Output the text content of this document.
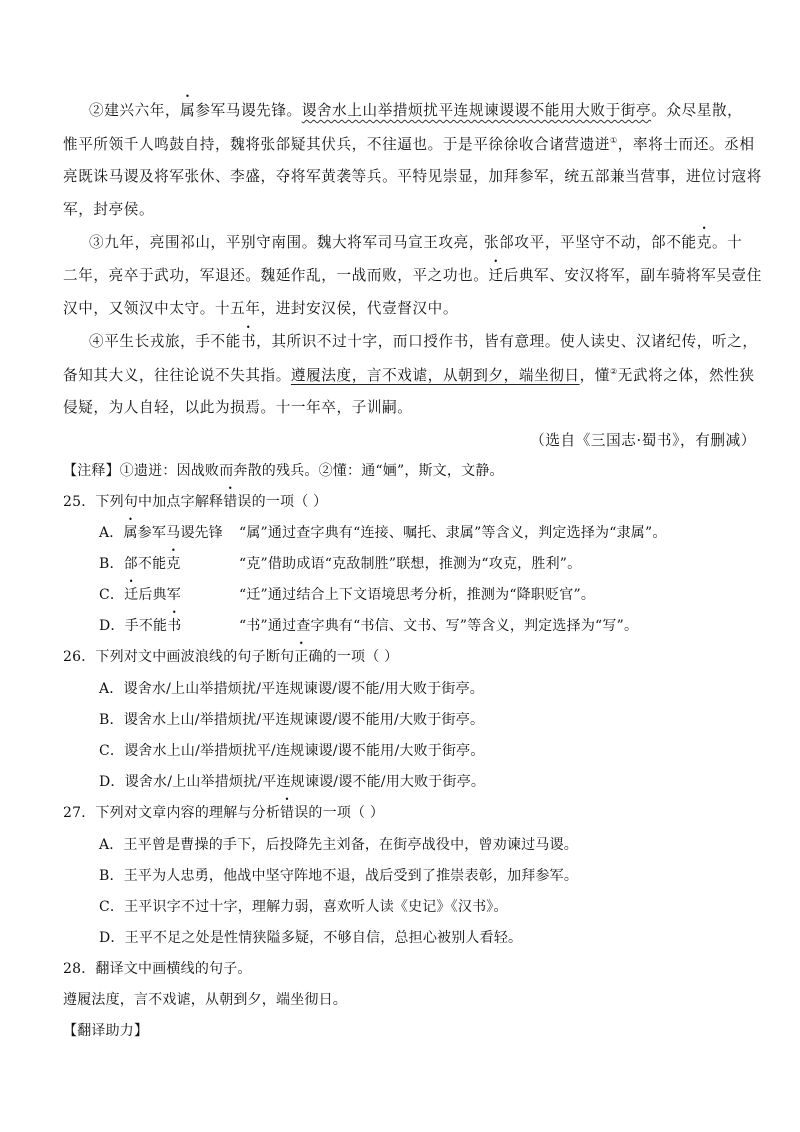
②建兴六年，属参军马谡先锋。谡舍水上山举措烦扰平连规谏谡谡不能用大败于街亭。众尽星散，
惟平所领千人鸣鼓自持，魏将张郃疑其伏兵，不往逼也。于是平徐徐收合诸营遗迸①，率将士而还。丞相
亮既诛马谡及将军张休、李盛，夺将军黄袭等兵。平特见崇显，加拜参军，统五部兼当营事，进位讨寇将
军，封亭侯。
③九年，亮围祁山，平别守南围。魏大将军司马宣王攻亮，张郃攻平，平坚守不动，郃不能克。十
二年，亮卒于武功，军退还。魏延作乱，一战而败，平之功也。迁后典军、安汉将军，副车骑将军吴壹住
汉中，又领汉中太守。十五年，进封安汉侯，代壹督汉中。
④平生长戎旅，手不能书，其所识不过十字，而口授作书，皆有意理。使人读史、汉诸纪传，听之，
备知其大义，往往论说不失其指。遵履法度，言不戏谑，从朝到夕，端坐彻日，懂②无武将之体，然性狭
侵疑，为人自轻，以此为损焉。十一年卒，子训嗣。
（选自《三国志·蜀书》，有删减）
【注释】①遗迸：因战败而奔散的残兵。②懂：通“婳”，斯文，文静。
25．下列句中加点字解释错误的一项（ ）
A．属参军马谡先锋 “属”通过查字典有“连接、嘱托、隶属”等含义，判定选择为“隶属”。
B．郃不能克	“克”借助成语“克敌制胜”联想，推测为“攻克，胜利”。
C．迁后典军	“迁”通过结合上下文语境思考分析，推测为“降职贬官”。
D．手不能书	“书”通过查字典有“书信、文书、写”等含义，判定选择为“写”。
26．下列对文中画波浪线的句子断句正确的一项（ ）
A．谡舍水/上山举措烦扰/平连规谏谡/谡不能/用大败于街亭。
B．谡舍水上山/举措烦扰/平连规谏谡/谡不能用/大败于街亭。
C．谡舍水上山/举措烦扰平/连规谏谡/谡不能用/大败于街亭。
D．谡舍水/上山举措烦扰/平连规谏谡/谡不能/用大败于街亭。
27．下列对文章内容的理解与分析错误的一项（ ）
A．王平曾是曹操的手下，后投降先主刘备，在街亭战役中，曾劝谏过马谡。
B．王平为人忠勇，他战中坚守阵地不退，战后受到了推崇表彰，加拜参军。
C．王平识字不过十字，理解力弱，喜欢听人读《史记》《汉书》。
D．王平不足之处是性情狭隘多疑，不够自信，总担心被别人看轻。
28．翻译文中画横线的句子。
遵履法度，言不戏谑，从朝到夕，端坐彻日。
【翻译助力】
